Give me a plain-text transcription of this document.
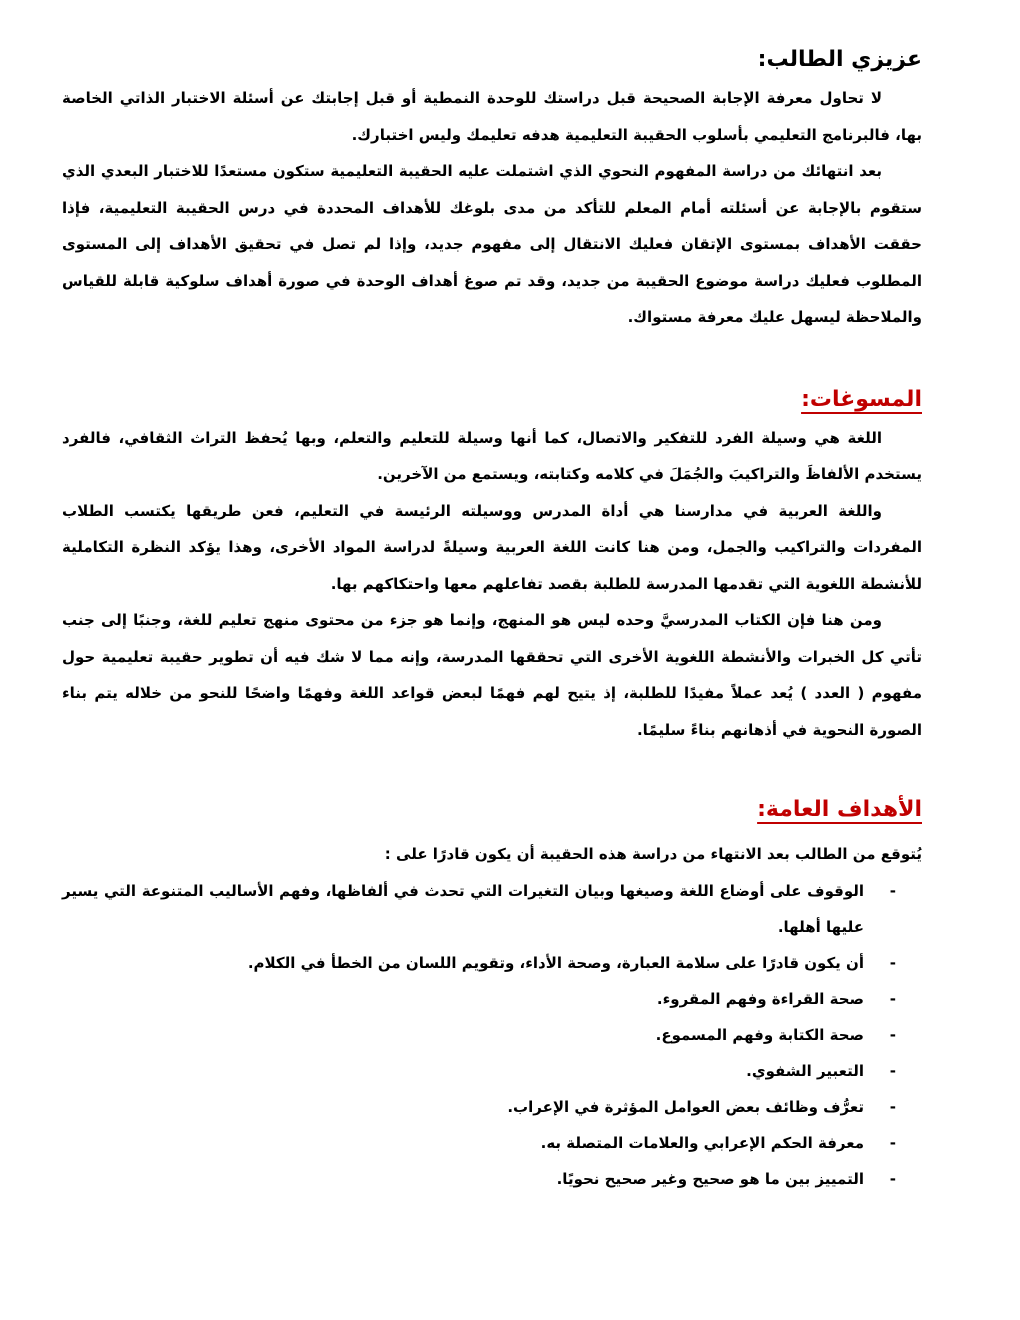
عزيزي الطالب:

لا تحاول معرفة الإجابة الصحيحة قبل دراستك للوحدة النمطية أو قبل إجابتك عن أسئلة الاختبار الذاتي الخاصة بها، فالبرنامج التعليمي بأسلوب الحقيبة التعليمية هدفه تعليمك وليس اختبارك.

بعد انتهائك من دراسة المفهوم النحوي الذي اشتملت عليه الحقيبة التعليمية ستكون مستعدًا للاختبار البعدي الذي ستقوم بالإجابة عن أسئلته أمام المعلم للتأكد من مدى بلوغك للأهداف المحددة في درس الحقيبة التعليمية، فإذا حققت الأهداف بمستوى الإتقان فعليك الانتقال إلى مفهوم جديد، وإذا لم تصل في تحقيق الأهداف إلى المستوى المطلوب فعليك دراسة موضوع الحقيبة من جديد، وقد تم صوغ أهداف الوحدة في صورة أهداف سلوكية قابلة للقياس والملاحظة ليسهل عليك معرفة مستواك.

المسوغات:

اللغة هي وسيلة الفرد للتفكير والاتصال، كما أنها وسيلة للتعليم والتعلم، وبها يُحفظ التراث الثقافي، فالفرد يستخدم الألفاظَ والتراكيبَ والجُمَلَ في كلامه وكتابته، ويستمع من الآخرين.

واللغة العربية في مدارسنا هي أداة المدرس ووسيلته الرئيسة في التعليم، فعن طريقها يكتسب الطلاب المفردات والتراكيب والجمل، ومن هنا كانت اللغة العربية وسيلةً لدراسة المواد الأخرى، وهذا يؤكد النظرة التكاملية للأنشطة اللغوية التي تقدمها المدرسة للطلبة بقصد تفاعلهم معها واحتكاكهم بها.

ومن هنا فإن الكتاب المدرسيَّ وحده ليس هو المنهج، وإنما هو جزء من محتوى منهج تعليم للغة، وجنبًا إلى جنب تأتي كل الخبرات والأنشطة اللغوية الأخرى التي تحققها المدرسة، وإنه مما لا شك فيه أن تطوير حقيبة تعليمية حول مفهوم ( العدد ) يُعد عملاً مفيدًا للطلبة، إذ يتيح لهم فهمًا لبعض قواعد اللغة وفهمًا واضحًا للنحو من خلاله يتم بناء الصورة النحوية في أذهانهم بناءً سليمًا.

الأهداف العامة:

يُتوقع من الطالب بعد الانتهاء من دراسة هذه الحقيبة أن يكون قادرًا على :

-
الوقوف على أوضاع اللغة وصيغها وبيان التغيرات التي تحدث في ألفاظها، وفهم الأساليب المتنوعة التي يسير عليها أهلها.
-
أن يكون قادرًا على سلامة العبارة، وصحة الأداء، وتقويم اللسان من الخطأ في الكلام.
-
صحة القراءة وفهم المقروء.
-
صحة الكتابة وفهم المسموع.
-
التعبير الشفوي.
-
تعرُّف وظائف بعض العوامل المؤثرة في الإعراب.
-
معرفة الحكم الإعرابي والعلامات المتصلة به.
-
التمييز بين ما هو صحيح وغير صحيح نحويًا.
